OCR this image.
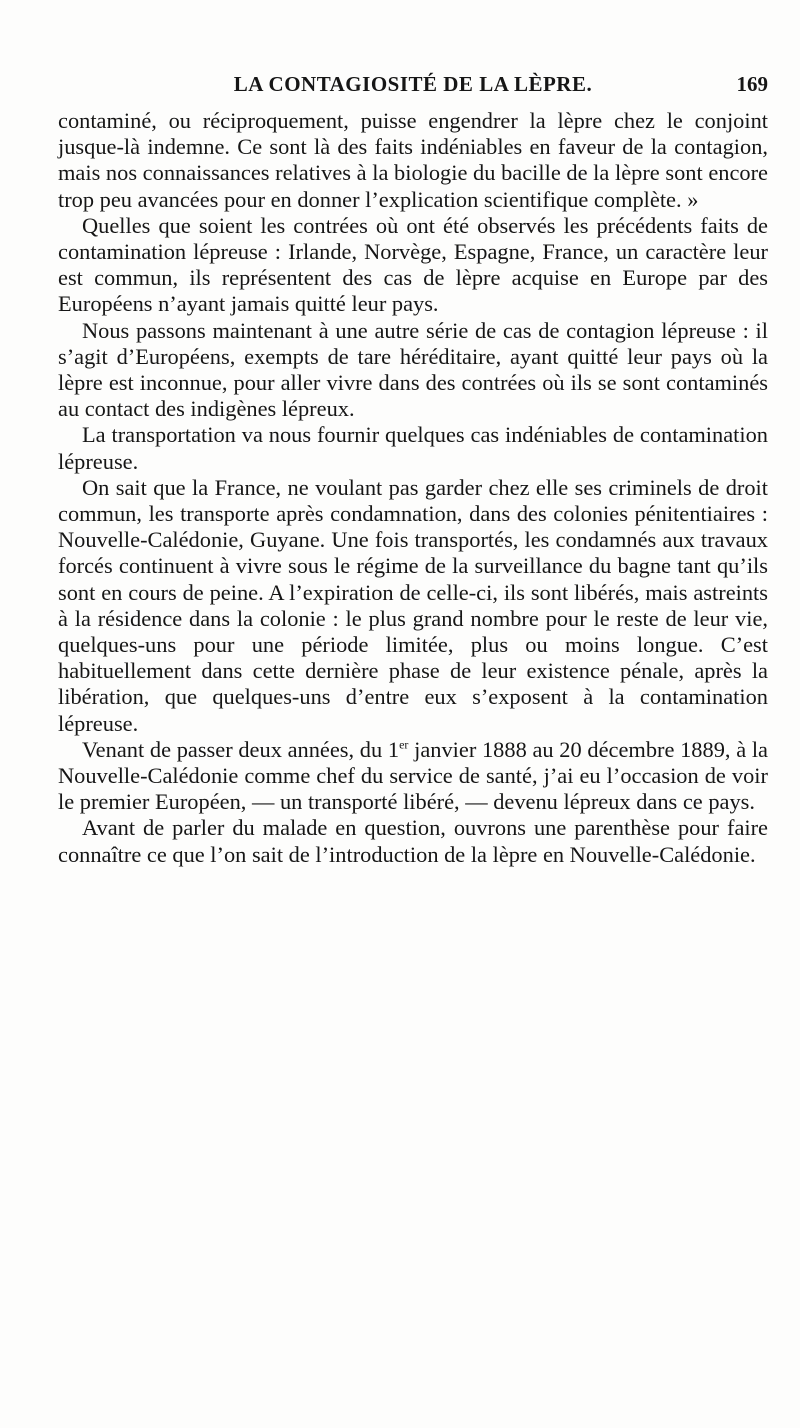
LA CONTAGIOSITÉ DE LA LÈPRE.	169

contaminé, ou réciproquement, puisse engendrer la lèpre chez le conjoint jusque-là indemne. Ce sont là des faits indéniables en faveur de la contagion, mais nos connaissances relatives à la biologie du bacille de la lèpre sont encore trop peu avancées pour en donner l’explication scientifique complète. »

Quelles que soient les contrées où ont été observés les précédents faits de contamination lépreuse : Irlande, Norvège, Espagne, France, un caractère leur est commun, ils représentent des cas de lèpre acquise en Europe par des Européens n’ayant jamais quitté leur pays.

Nous passons maintenant à une autre série de cas de contagion lépreuse : il s’agit d’Européens, exempts de tare héréditaire, ayant quitté leur pays où la lèpre est inconnue, pour aller vivre dans des contrées où ils se sont contaminés au contact des indigènes lépreux.

La transportation va nous fournir quelques cas indéniables de contamination lépreuse.

On sait que la France, ne voulant pas garder chez elle ses criminels de droit commun, les transporte après condamnation, dans des colonies pénitentiaires : Nouvelle-Calédonie, Guyane. Une fois transportés, les condamnés aux travaux forcés continuent à vivre sous le régime de la surveillance du bagne tant qu’ils sont en cours de peine. A l’expiration de celle-ci, ils sont libérés, mais astreints à la résidence dans la colonie : le plus grand nombre pour le reste de leur vie, quelques-uns pour une période limitée, plus ou moins longue. C’est habituellement dans cette dernière phase de leur existence pénale, après la libération, que quelques-uns d’entre eux s’exposent à la contamination lépreuse.

Venant de passer deux années, du 1er janvier 1888 au 20 décembre 1889, à la Nouvelle-Calédonie comme chef du service de santé, j’ai eu l’occasion de voir le premier Européen, — un transporté libéré, — devenu lépreux dans ce pays.

Avant de parler du malade en question, ouvrons une parenthèse pour faire connaître ce que l’on sait de l’introduction de la lèpre en Nouvelle-Calédonie.
